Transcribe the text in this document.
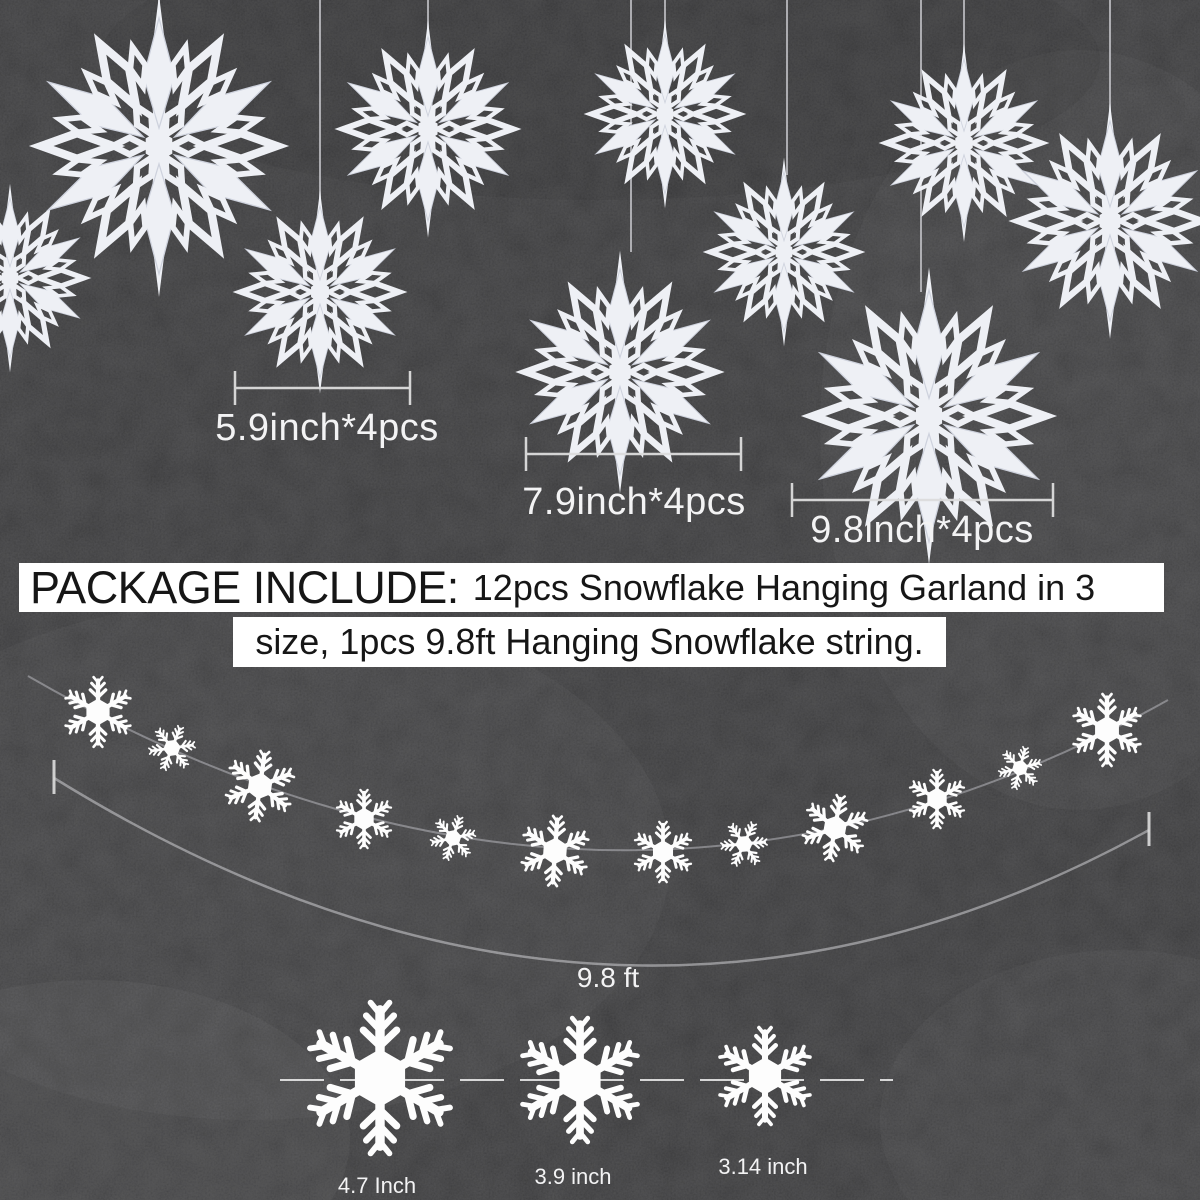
5.9inch*4pcs
7.9inch*4pcs
9.8inch*4pcs
PACKAGE INCLUDE: 12pcs Snowflake Hanging Garland in 3
size, 1pcs 9.8ft Hanging Snowflake string.
9.8 ft
4.7 Inch	3.9 inch	3.14 inch
